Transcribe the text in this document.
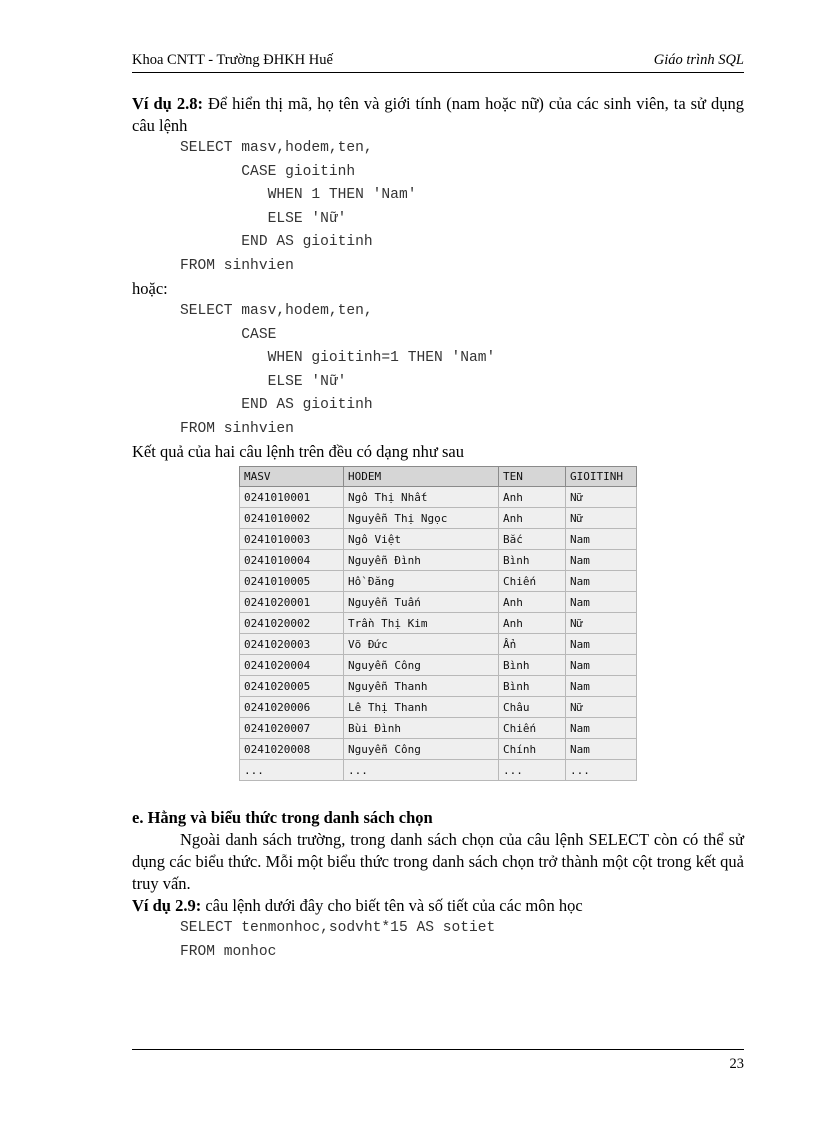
Khoa CNTT - Trường ĐHKH Huế	Giáo trình SQL

Ví dụ 2.8: Để hiển thị mã, họ tên và giới tính (nam hoặc nữ) của các sinh viên, ta sử dụng câu lệnh

SELECT masv,hodem,ten,
CASE gioitinh
WHEN 1 THEN 'Nam'
ELSE 'Nữ'
END AS gioitinh
FROM sinhvien

hoặc:

SELECT masv,hodem,ten,
CASE
WHEN gioitinh=1 THEN 'Nam'
ELSE 'Nữ'
END AS gioitinh
FROM sinhvien

Kết quả của hai câu lệnh trên đều có dạng như sau

MASV	HODEM	TEN	GIOITINH
0241010001	Ngô Thị Nhất	Anh	Nữ
0241010002	Nguyễn Thị Ngọc	Anh	Nữ
0241010003	Ngô Việt	Bắc	Nam
0241010004	Nguyễn Đình	Bình	Nam
0241010005	Hồ Đăng	Chiến	Nam
0241020001	Nguyễn Tuấn	Anh	Nam
0241020002	Trần Thị Kim	Anh	Nữ
0241020003	Võ Đức	Ẩn	Nam
0241020004	Nguyễn Công	Bình	Nam
0241020005	Nguyễn Thanh	Bình	Nam
0241020006	Lê Thị Thanh	Châu	Nữ
0241020007	Bùi Đình	Chiến	Nam
0241020008	Nguyễn Công	Chính	Nam
...	...	...	...

e. Hằng và biểu thức trong danh sách chọn

Ngoài danh sách trường, trong danh sách chọn của câu lệnh SELECT còn có thể sử dụng các biểu thức. Mỗi một biểu thức trong danh sách chọn trở thành một cột trong kết quả truy vấn.

Ví dụ 2.9: câu lệnh dưới đây cho biết tên và số tiết của các môn học

SELECT tenmonhoc,sodvht*15 AS sotiet
FROM monhoc
23
